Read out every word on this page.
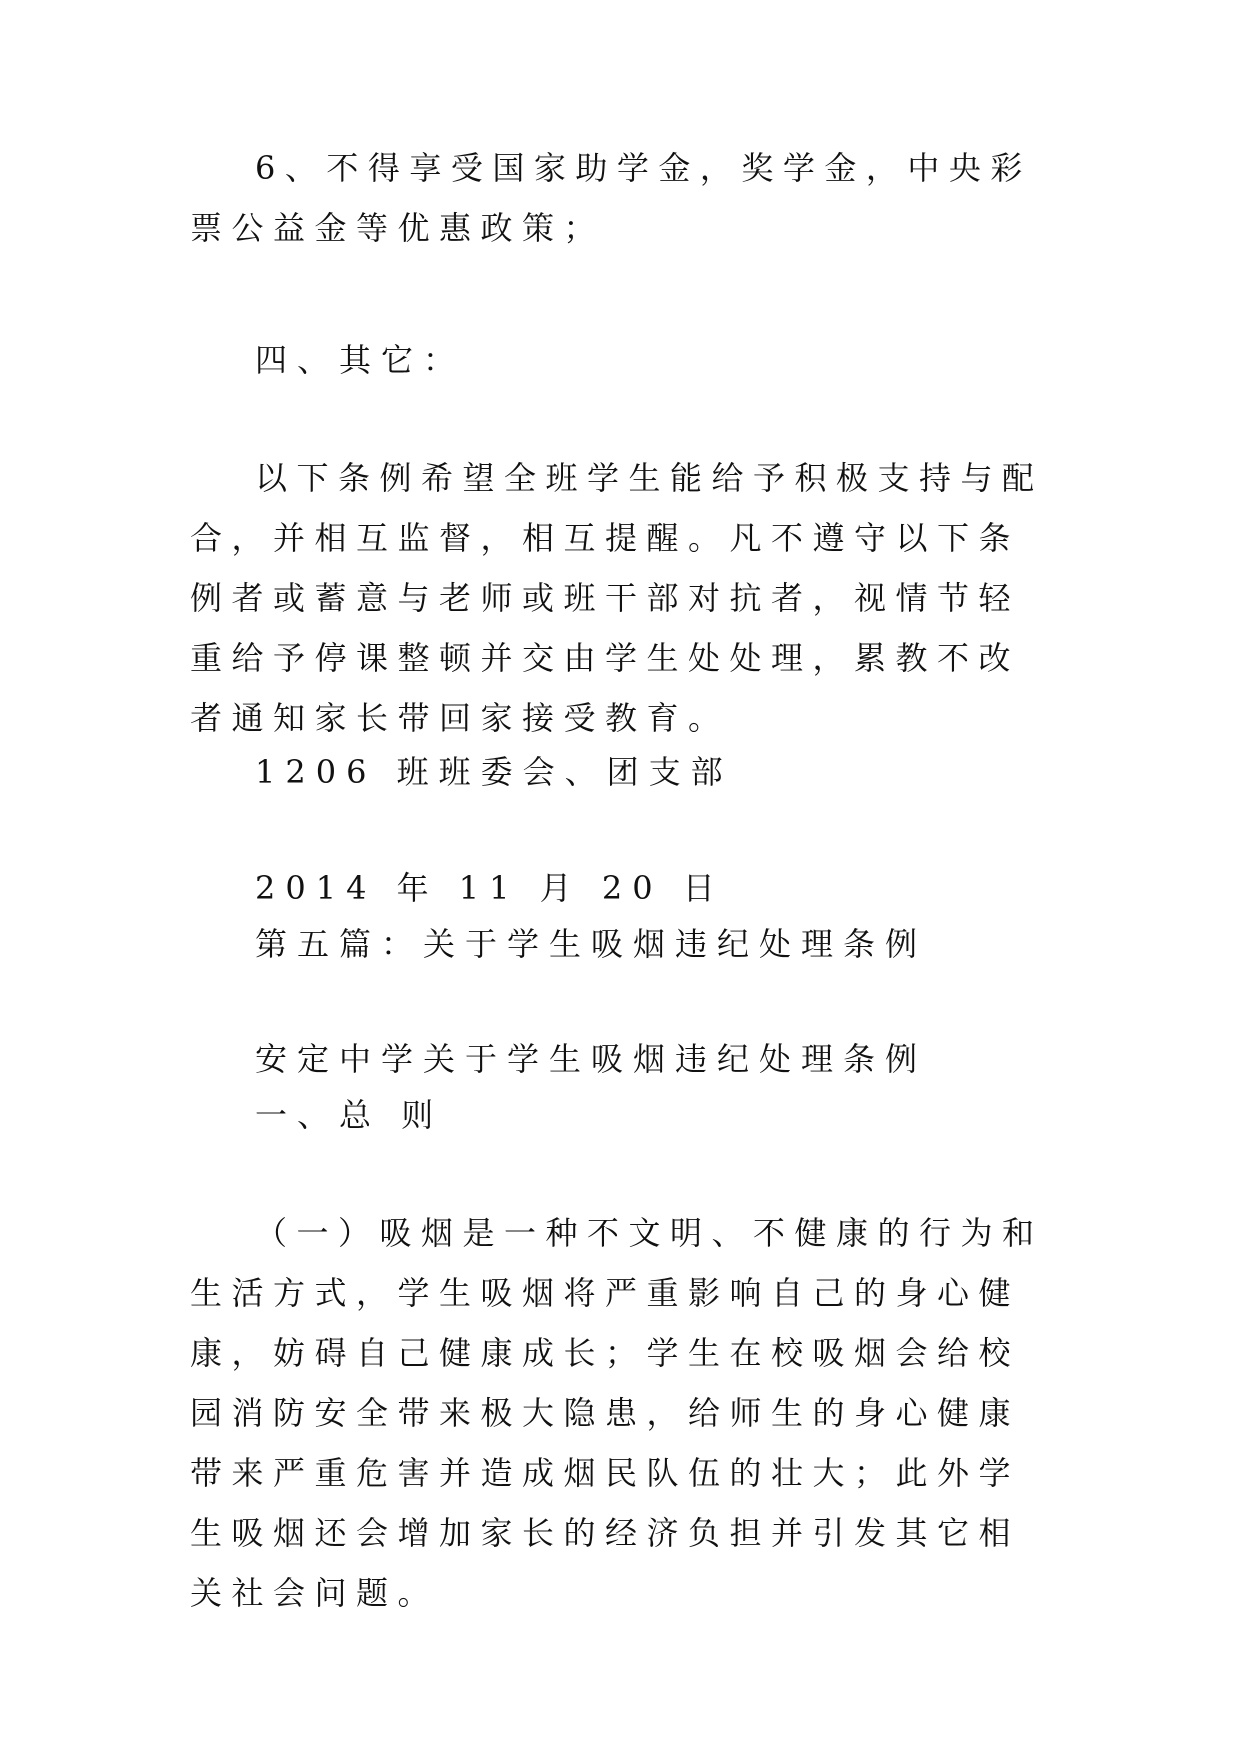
6、不得享受国家助学金，奖学金，中央彩票公益金等优惠政策；

四、其它：

以下条例希望全班学生能给予积极支持与配合，并相互监督，相互提醒。凡不遵守以下条例者或蓄意与老师或班干部对抗者，视情节轻重给予停课整顿并交由学生处处理，累教不改者通知家长带回家接受教育。

1206 班班委会、团支部

2014 年 11 月 20 日

第五篇：关于学生吸烟违纪处理条例

安定中学关于学生吸烟违纪处理条例

一、总 则

（一）吸烟是一种不文明、不健康的行为和生活方式，学生吸烟将严重影响自己的身心健康，妨碍自己健康成长；学生在校吸烟会给校园消防安全带来极大隐患，给师生的身心健康带来严重危害并造成烟民队伍的壮大；此外学生吸烟还会增加家长的经济负担并引发其它相关社会问题。
